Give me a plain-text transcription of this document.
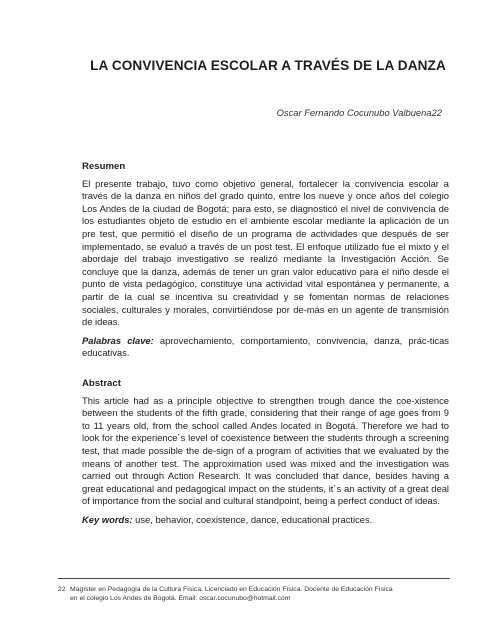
LA CONVIVENCIA ESCOLAR A TRAVÉS DE LA DANZA
Oscar Fernando Cocunubo Valbuena22
Resumen
El presente trabajo, tuvo como objetivo general, fortalecer la convivencia escolar a través de la danza en niños del grado quinto, entre los nueve y once años del colegio Los Andes de la ciudad de Bogotá; para esto, se diagnosticó el nivel de convivencia de los estudiantes objeto de estudio en el ambiente escolar mediante la aplicación de un pre test, que permitió el diseño de un programa de actividades que después de ser implementado, se evaluó a través de un post test. El enfoque utilizado fue el mixto y el abordaje del trabajo investigativo se realizó mediante la Investigación Acción. Se concluye que la danza, además de tener un gran valor educativo para el niño desde el punto de vista pedagógico, constituye una actividad vital espontánea y permanente, a partir de la cual se incentiva su creatividad y se fomentan normas de relaciones sociales, culturales y morales, convirtiéndose por de-más en un agente de transmisión de ideas.
Palabras clave: aprovechamiento, comportamiento, convivencia, danza, prác-ticas educativas.
Abstract
This article had as a principle objective to strengthen trough dance the coe-xistence between the students of the fifth grade, considering that their range of age goes from 9 to 11 years old, from the school called Andes located in Bogotá. Therefore we had to look for the experience´s level of coexistence between the students through a screening test, that made possible the de-sign of a program of activities that we evaluated by the means of another test. The approximation used was mixed and the investigation was carried out through Action Research. It was concluded that dance, besides having a great educational and pedagogical impact on the students, it´s an activity of a great deal of importance from the social and cultural standpoint, being a perfect conduct of ideas.
Key words: use, behavior, coexistence, dance, educational practices.
22 Magíster en Pedagogía de la Cultura Física. Licenciado en Educación Física. Docente de Educación Física
en el colegio Los Andes de Bogotá. Email: oscar.cocunubo@hotmail.com
